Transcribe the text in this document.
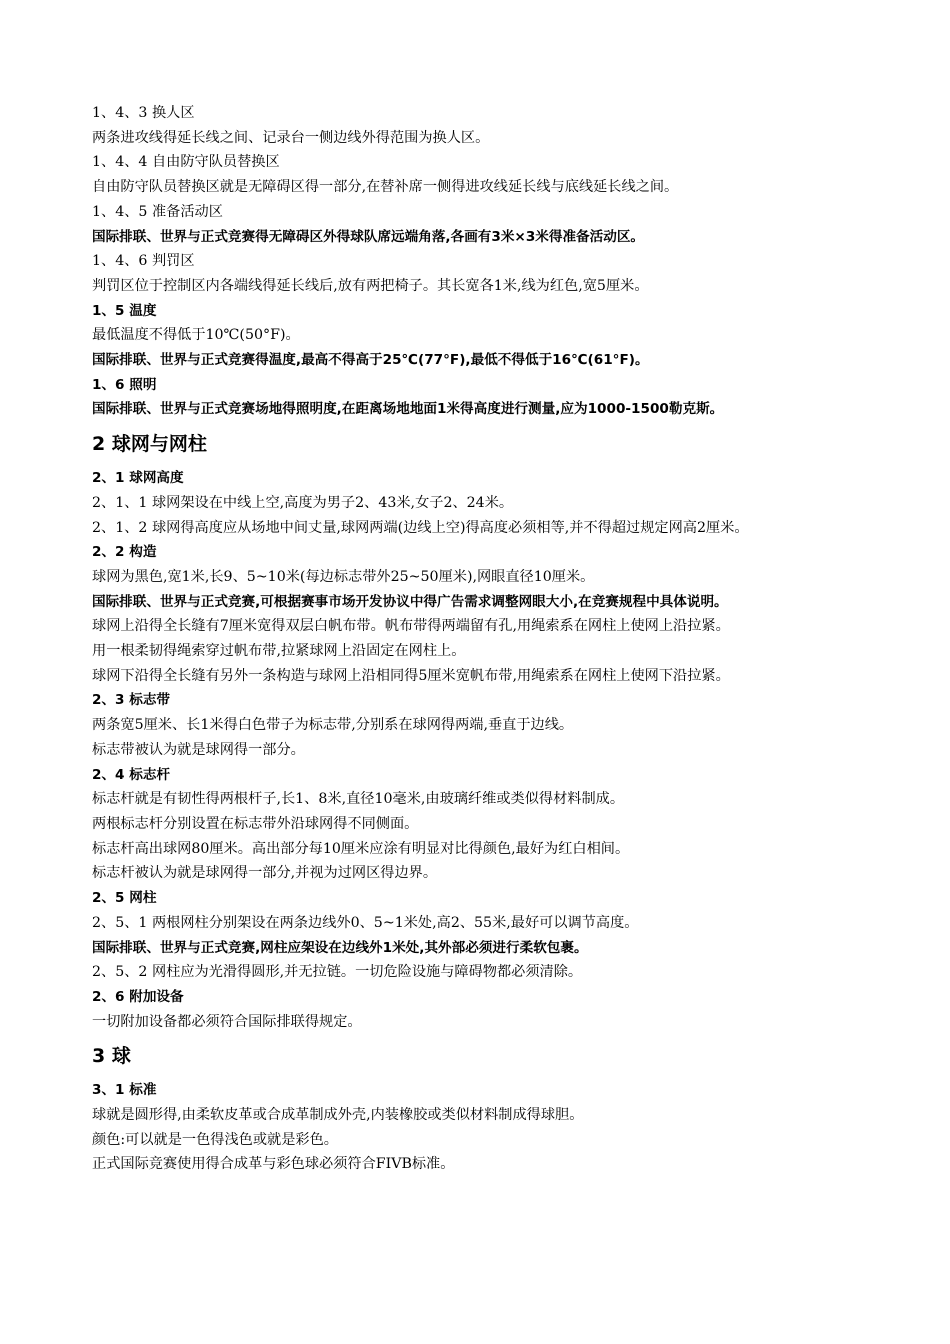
1、4、3 换人区

两条进攻线得延长线之间、记录台一侧边线外得范围为换人区。

1、4、4 自由防守队员替换区

自由防守队员替换区就是无障碍区得一部分,在替补席一侧得进攻线延长线与底线延长线之间。

1、4、5 准备活动区

国际排联、世界与正式竞赛得无障碍区外得球队席远端角落,各画有3米×3米得准备活动区。

1、4、6 判罚区

判罚区位于控制区内各端线得延长线后,放有两把椅子。其长宽各1米,线为红色,宽5厘米。

1、5 温度

最低温度不得低于10℃(50°F)。

国际排联、世界与正式竞赛得温度,最高不得高于25℃(77°F),最低不得低于16℃(61°F)。

1、6 照明

国际排联、世界与正式竞赛场地得照明度,在距离场地地面1米得高度进行测量,应为1000-1500勒克斯。

2 球网与网柱

2、1 球网高度

2、1、1 球网架设在中线上空,高度为男子2、43米,女子2、24米。

2、1、2 球网得高度应从场地中间丈量,球网两端(边线上空)得高度必须相等,并不得超过规定网高2厘米。

2、2 构造

球网为黑色,宽1米,长9、5~10米(每边标志带外25~50厘米),网眼直径10厘米。

国际排联、世界与正式竞赛,可根据赛事市场开发协议中得广告需求调整网眼大小,在竞赛规程中具体说明。

球网上沿得全长缝有7厘米宽得双层白帆布带。帆布带得两端留有孔,用绳索系在网柱上使网上沿拉紧。

用一根柔韧得绳索穿过帆布带,拉紧球网上沿固定在网柱上。

球网下沿得全长缝有另外一条构造与球网上沿相同得5厘米宽帆布带,用绳索系在网柱上使网下沿拉紧。

2、3 标志带

两条宽5厘米、长1米得白色带子为标志带,分别系在球网得两端,垂直于边线。

标志带被认为就是球网得一部分。

2、4 标志杆

标志杆就是有韧性得两根杆子,长1、8米,直径10毫米,由玻璃纤维或类似得材料制成。

两根标志杆分别设置在标志带外沿球网得不同侧面。

标志杆高出球网80厘米。高出部分每10厘米应涂有明显对比得颜色,最好为红白相间。

标志杆被认为就是球网得一部分,并视为过网区得边界。

2、5 网柱

2、5、1 两根网柱分别架设在两条边线外0、5~1米处,高2、55米,最好可以调节高度。

国际排联、世界与正式竞赛,网柱应架设在边线外1米处,其外部必须进行柔软包裹。

2、5、2 网柱应为光滑得圆形,并无拉链。一切危险设施与障碍物都必须清除。

2、6 附加设备

一切附加设备都必须符合国际排联得规定。

3 球

3、1 标准

球就是圆形得,由柔软皮革或合成革制成外壳,内装橡胶或类似材料制成得球胆。

颜色:可以就是一色得浅色或就是彩色。

正式国际竞赛使用得合成革与彩色球必须符合FIVB标准。
